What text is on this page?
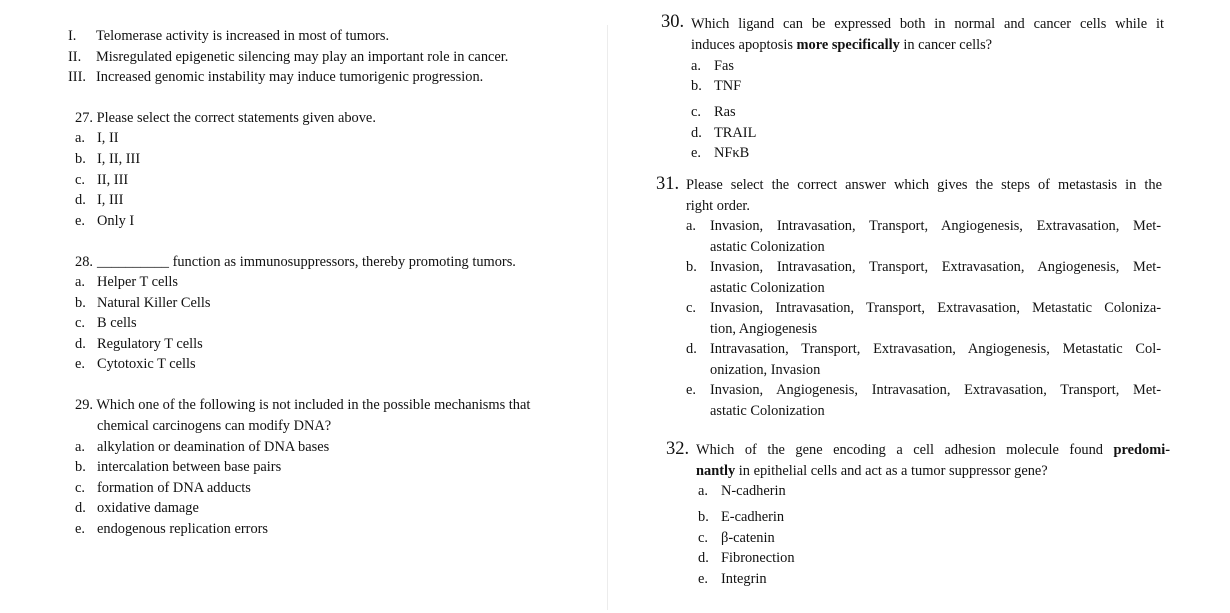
I. Telomerase activity is increased in most of tumors.
II. Misregulated epigenetic silencing may play an important role in cancer.
III. Increased genomic instability may induce tumorigenic progression.
27. Please select the correct statements given above.
a. I, II
b. I, II, III
c. II, III
d. I, III
e. Only I
28. __________ function as immunosuppressors, thereby promoting tumors.
a. Helper T cells
b. Natural Killer Cells
c. B cells
d. Regulatory T cells
e. Cytotoxic T cells
29. Which one of the following is not included in the possible mechanisms that
chemical carcinogens can modify DNA?
a. alkylation or deamination of DNA bases
b. intercalation between base pairs
c. formation of DNA adducts
d. oxidative damage
e. endogenous replication errors
30. Which ligand can be expressed both in normal and cancer cells while it
induces apoptosis more specifically in cancer cells?
a. Fas
b. TNF
c. Ras
d. TRAIL
e. NFκB
31. Please select the correct answer which gives the steps of metastasis in the
right order.
a. Invasion, Intravasation, Transport, Angiogenesis, Extravasation, Met-
astatic Colonization
b. Invasion, Intravasation, Transport, Extravasation, Angiogenesis, Met-
astatic Colonization
c. Invasion, Intravasation, Transport, Extravasation, Metastatic Coloniza-
tion, Angiogenesis
d. Intravasation, Transport, Extravasation, Angiogenesis, Metastatic Col-
onization, Invasion
e. Invasion, Angiogenesis, Intravasation, Extravasation, Transport, Met-
astatic Colonization
32. Which of the gene encoding a cell adhesion molecule found predomi-
nantly in epithelial cells and act as a tumor suppressor gene?
a. N-cadherin
b. E-cadherin
c. β-catenin
d. Fibronection
e. Integrin
